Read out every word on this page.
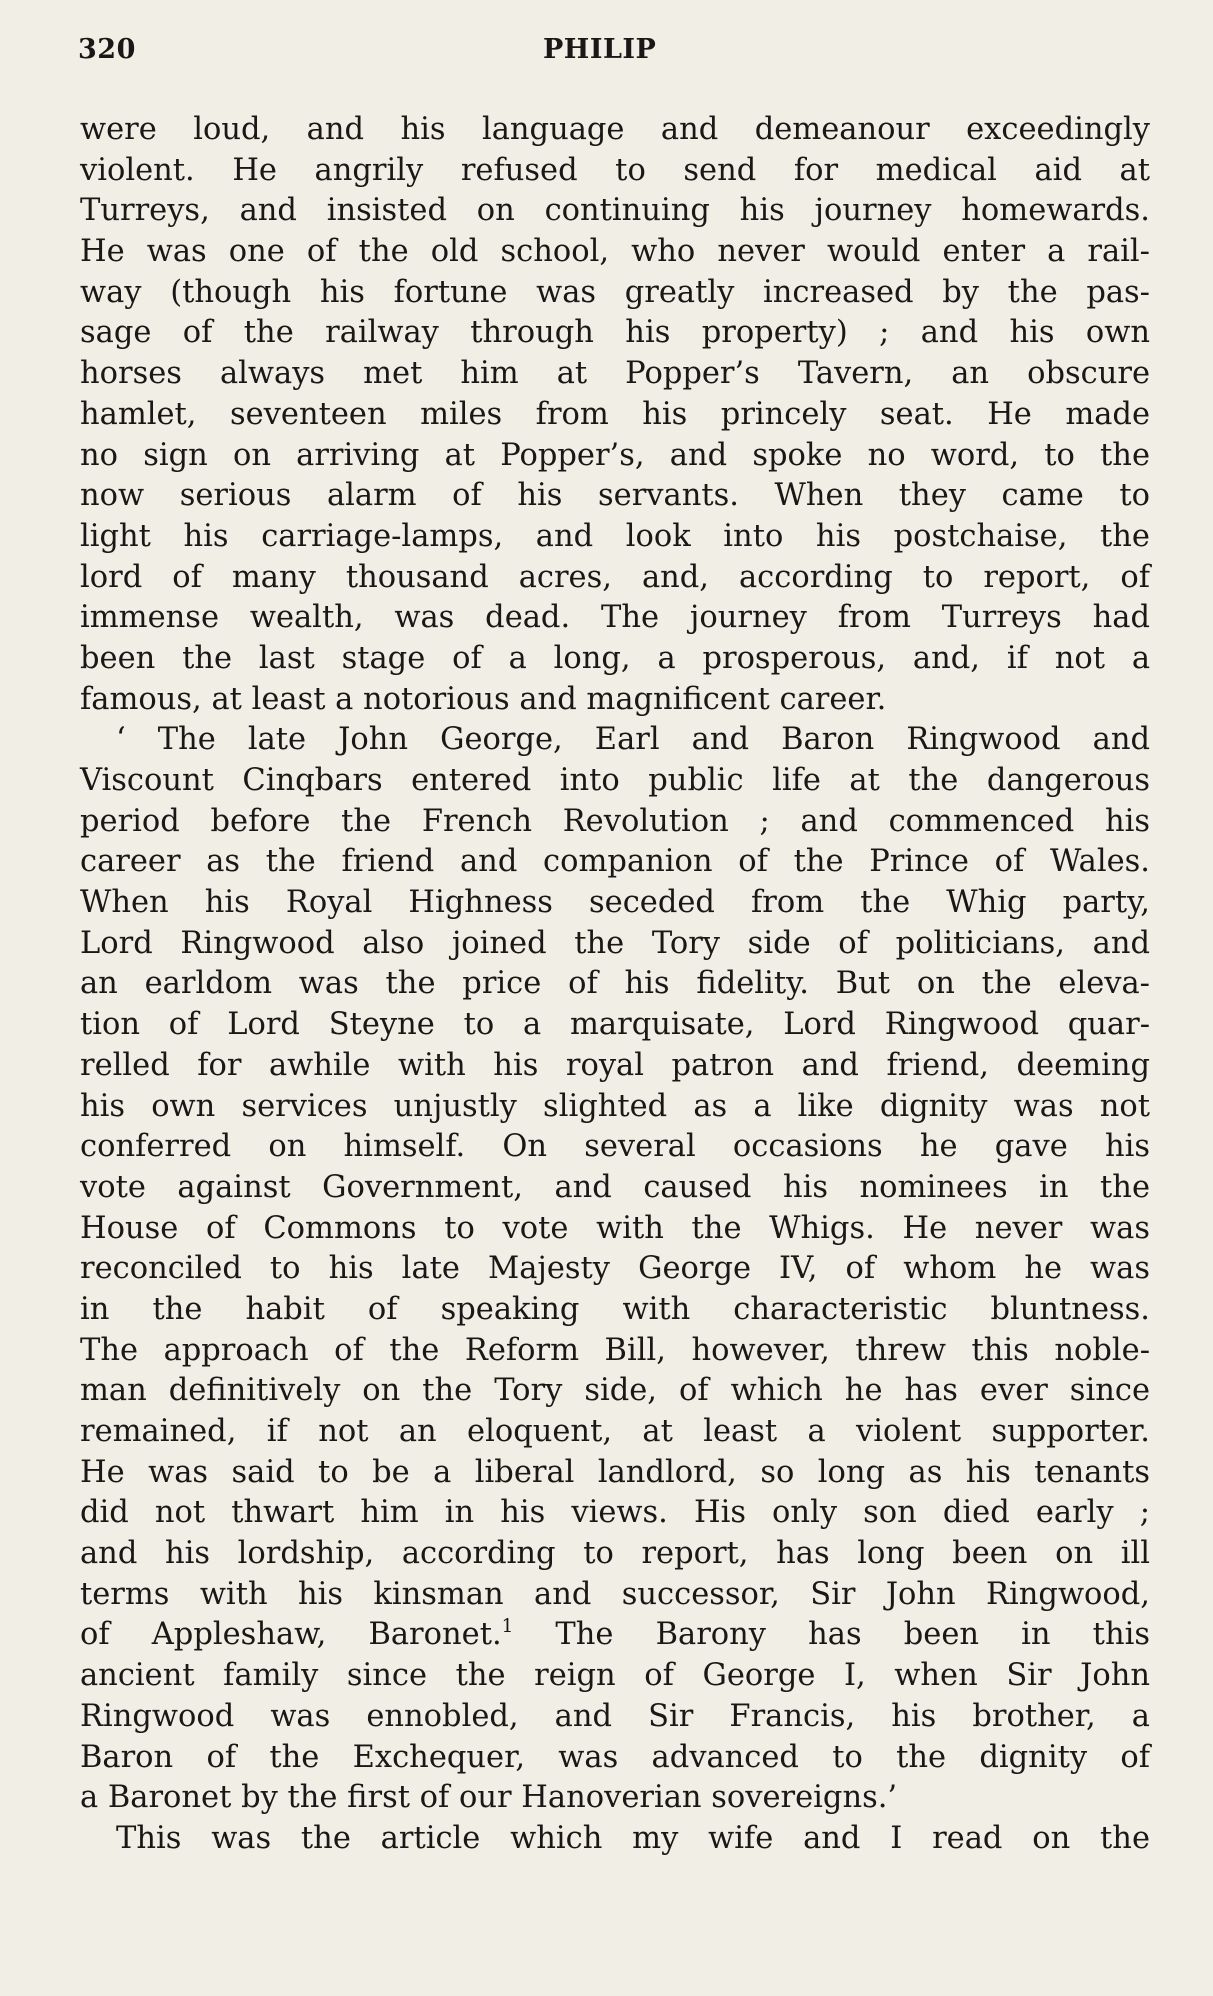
320	PHILIP
were loud, and his language and demeanour exceedingly
violent. He angrily refused to send for medical aid at
Turreys, and insisted on continuing his journey homewards.
He was one of the old school, who never would enter a rail-
way (though his fortune was greatly increased by the pas-
sage of the railway through his property) ; and his own
horses always met him at Popper’s Tavern, an obscure
hamlet, seventeen miles from his princely seat. He made
no sign on arriving at Popper’s, and spoke no word, to the
now serious alarm of his servants. When they came to
light his carriage-lamps, and look into his postchaise, the
lord of many thousand acres, and, according to report, of
immense wealth, was dead. The journey from Turreys had
been the last stage of a long, a prosperous, and, if not a
famous, at least a notorious and magnificent career.
‘ The late John George, Earl and Baron Ringwood and
Viscount Cinqbars entered into public life at the dangerous
period before the French Revolution ; and commenced his
career as the friend and companion of the Prince of Wales.
When his Royal Highness seceded from the Whig party,
Lord Ringwood also joined the Tory side of politicians, and
an earldom was the price of his fidelity. But on the eleva-
tion of Lord Steyne to a marquisate, Lord Ringwood quar-
relled for awhile with his royal patron and friend, deeming
his own services unjustly slighted as a like dignity was not
conferred on himself. On several occasions he gave his
vote against Government, and caused his nominees in the
House of Commons to vote with the Whigs. He never was
reconciled to his late Majesty George IV, of whom he was
in the habit of speaking with characteristic bluntness.
The approach of the Reform Bill, however, threw this noble-
man definitively on the Tory side, of which he has ever since
remained, if not an eloquent, at least a violent supporter.
He was said to be a liberal landlord, so long as his tenants
did not thwart him in his views. His only son died early ;
and his lordship, according to report, has long been on ill
terms with his kinsman and successor, Sir John Ringwood,
of Appleshaw, Baronet.$^1$ The Barony has been in this
ancient family since the reign of George I, when Sir John
Ringwood was ennobled, and Sir Francis, his brother, a
Baron of the Exchequer, was advanced to the dignity of
a Baronet by the first of our Hanoverian sovereigns.’
This was the article which my wife and I read on the
